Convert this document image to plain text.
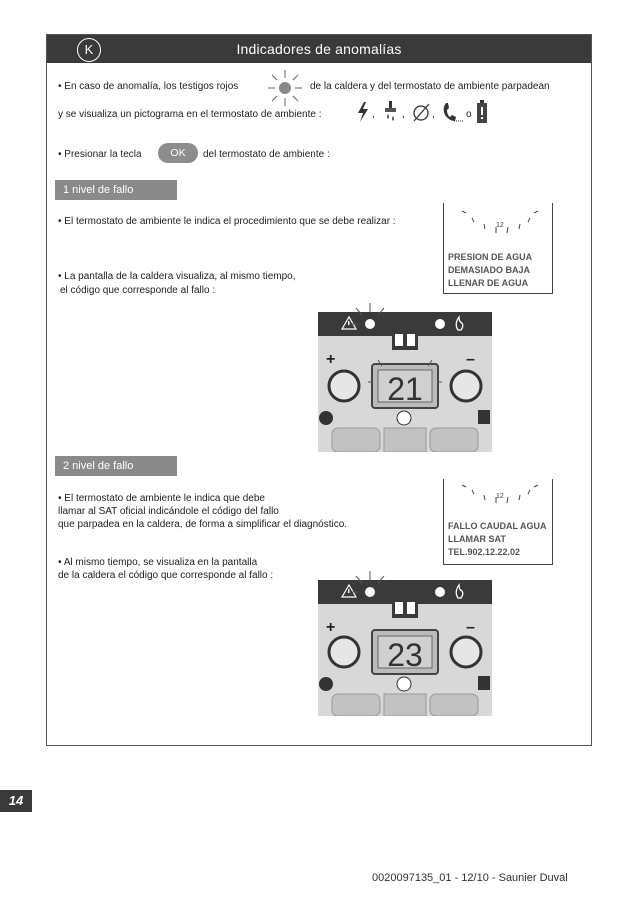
K	Indicadores de anomalías
• En caso de anomalía, los testigos rojos	de la caldera y del termostato de ambiente parpadean
y se visualiza un pictograma en el termostato de ambiente :	,	,	,	o
• Presionar la tecla	OK	del termostato de ambiente :
1 nivel de fallo
• El termostato de ambiente le indica el procedimiento que se debe realizar :	12
PRESION DE AGUA
DEMASIADO BAJA
LLENAR DE AGUA
• La pantalla de la caldera visualiza, al mismo tiempo,
el código que corresponde al fallo :
+	–
21
2 nivel de fallo
12
FALLO CAUDAL AGUA
LLAMAR SAT
TEL.902.12.22.02
• El termostato de ambiente le indica que debe
llamar al SAT oficial indicándole el código del fallo
que parpadea en la caldera, de forma a simplificar el diagnóstico.
• Al mismo tiempo, se visualiza en la pantalla
de la caldera el código que corresponde al fallo :
+	–
23
14
0020097135_01 - 12/10 - Saunier Duval
